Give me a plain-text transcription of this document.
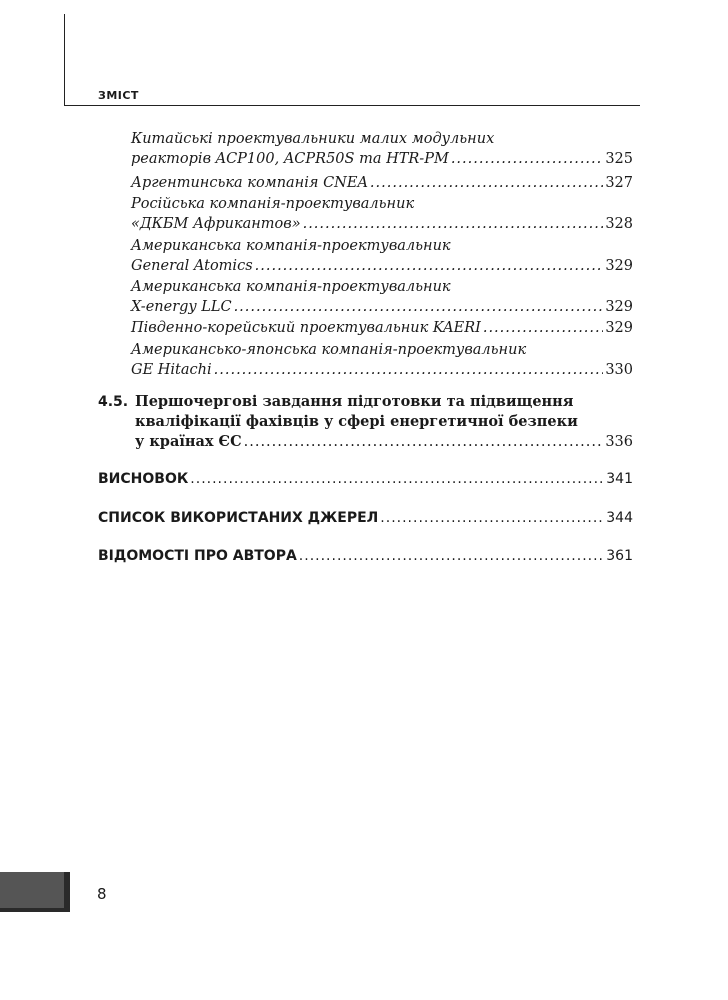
ЗМІСТ
Китайські проектувальники малих модульних
реакторів ACP100, ACPR50S та HTR-PM .....	325
Аргентинська компанія CNEA .....	327
Російська компанія-проектувальник
«ДКБМ Африкантов» .....	328
Американська компанія-проектувальник
General Atomics .....	329
Американська компанія-проектувальник
X-energy LLC .....	329
Південно-корейський проектувальник KAERI .....	329
Американсько-японська компанія-проектувальник
GE Hitachi .....	330
4.5. Першочергові завдання підготовки та підвищення
кваліфікації фахівців у сфері енергетичної безпеки
у країнах ЄС .....	336
ВИСНОВОК .....	341
СПИСОК ВИКОРИСТАНИХ ДЖЕРЕЛ .....	344
ВІДОМОСТІ ПРО АВТОРА .....	361
8
